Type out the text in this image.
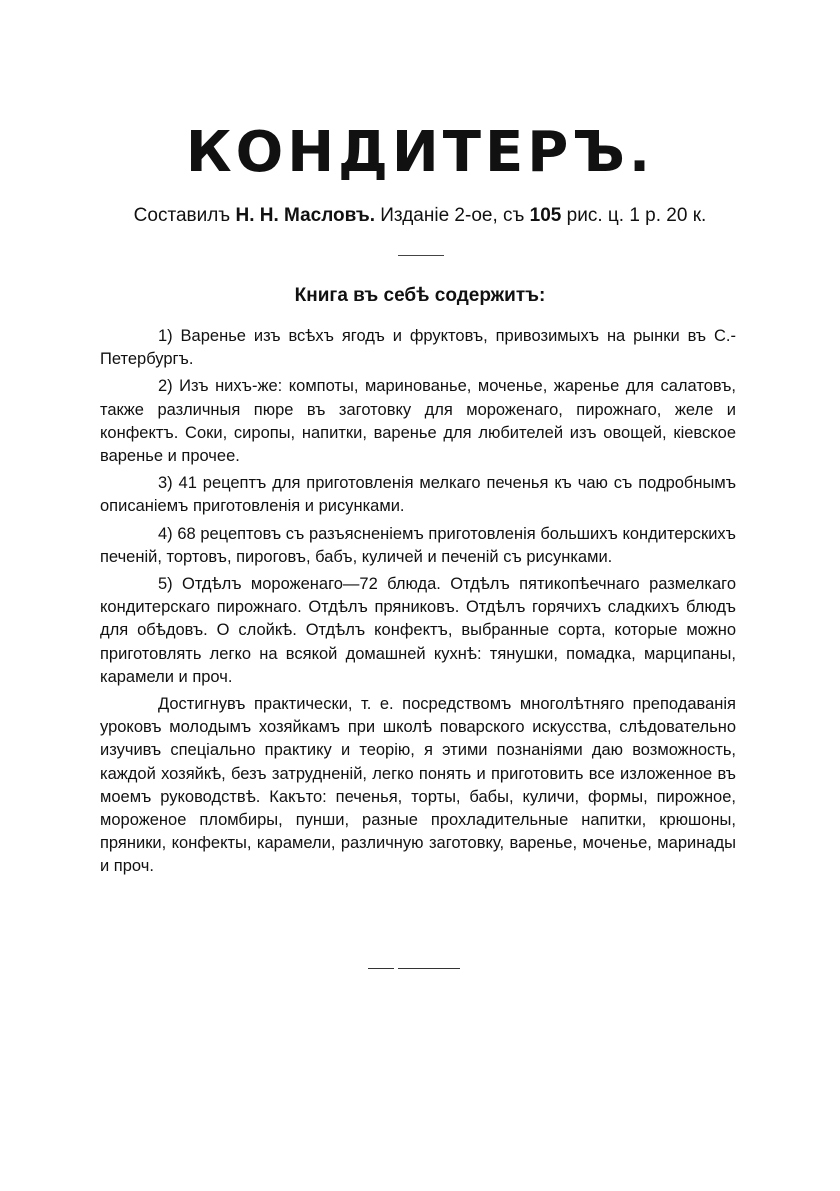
КОНДИТЕРЪ.
Составилъ Н. Н. Масловъ. Изданіе 2-ое, съ 105 рис. ц. 1 р. 20 к.
Книга въ себѣ содержитъ:

1) Варенье изъ всѣхъ ягодъ и фруктовъ, привозимыхъ на рынки въ С.-Петербургъ.

2) Изъ нихъ-же: компоты, маринованье, моченье, жаренье для салатовъ, также различныя пюре въ заготовку для мороженаго, пирожнаго, желе и конфектъ. Соки, сиропы, напитки, варенье для любителей изъ овощей, кіевское варенье и прочее.

3) 41 рецептъ для приготовленія мелкаго печенья къ чаю съ подробнымъ описаніемъ приготовленія и рисунками.

4) 68 рецептовъ съ разъясненіемъ приготовленія большихъ кондитерскихъ печеній, тортовъ, пироговъ, бабъ, куличей и печеній съ рисунками.

5) Отдѣлъ мороженаго—72 блюда. Отдѣлъ пятикопѣечнаго размелкаго кондитерскаго пирожнаго. Отдѣлъ пряниковъ. Отдѣлъ горячихъ сладкихъ блюдъ для обѣдовъ. О слойкѣ. Отдѣлъ конфектъ, выбранные сорта, которые можно приготовлять легко на всякой домашней кухнѣ: тянушки, помадка, марципаны, карамели и проч.

Достигнувъ практически, т. е. посредствомъ многолѣтняго преподаванія уроковъ молодымъ хозяйкамъ при школѣ поварского искусства, слѣдовательно изучивъ спеціально практику и теорію, я этими познаніями даю возможность, каждой хозяйкѣ, безъ затрудненій, легко понять и приготовить все изложенное въ моемъ руководствѣ. Какъто: печенья, торты, бабы, куличи, формы, пирожное, мороженое пломбиры, пунши, разные прохладительные напитки, крюшоны, пряники, конфекты, карамели, различную заготовку, варенье, моченье, маринады и проч.
